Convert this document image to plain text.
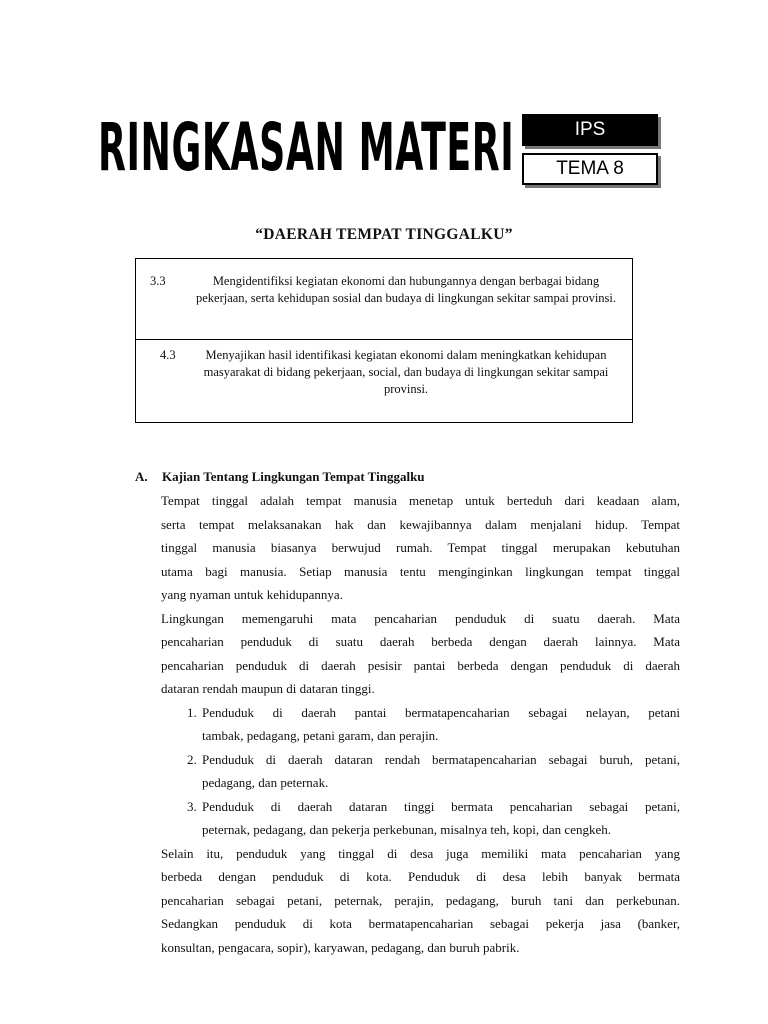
RINGKASAN MATERI	IPS
TEMA 8
“DAERAH TEMPAT TINGGALKU”
3.3	Mengidentifiksi kegiatan ekonomi dan hubungannya dengan berbagai bidang pekerjaan, serta kehidupan sosial dan budaya di lingkungan sekitar sampai provinsi.
4.3	Menyajikan hasil identifikasi kegiatan ekonomi dalam meningkatkan kehidupan masyarakat di bidang pekerjaan, social, dan budaya di lingkungan sekitar sampai provinsi.
A.	Kajian Tentang Lingkungan Tempat Tinggalku
Tempat tinggal adalah tempat manusia menetap untuk berteduh dari keadaan alam,
serta tempat melaksanakan hak dan kewajibannya dalam menjalani hidup. Tempat
tinggal manusia biasanya berwujud rumah. Tempat tinggal merupakan kebutuhan
utama bagi manusia. Setiap manusia tentu menginginkan lingkungan tempat tinggal
yang nyaman untuk kehidupannya.
Lingkungan memengaruhi mata pencaharian penduduk di suatu daerah. Mata
pencaharian penduduk di suatu daerah berbeda dengan daerah lainnya. Mata
pencaharian penduduk di daerah pesisir pantai berbeda dengan penduduk di daerah
dataran rendah maupun di dataran tinggi.
1. Penduduk di daerah pantai bermatapencaharian sebagai nelayan, petani
tambak, pedagang, petani garam, dan perajin.
2. Penduduk di daerah dataran rendah bermatapencaharian sebagai buruh, petani,
pedagang, dan peternak.
3. Penduduk di daerah dataran tinggi bermata pencaharian sebagai petani,
peternak, pedagang, dan pekerja perkebunan, misalnya teh, kopi, dan cengkeh.
Selain itu, penduduk yang tinggal di desa juga memiliki mata pencaharian yang
berbeda dengan penduduk di kota. Penduduk di desa lebih banyak bermata
pencaharian sebagai petani, peternak, perajin, pedagang, buruh tani dan perkebunan.
Sedangkan penduduk di kota bermatapencaharian sebagai pekerja jasa (banker,
konsultan, pengacara, sopir), karyawan, pedagang, dan buruh pabrik.
